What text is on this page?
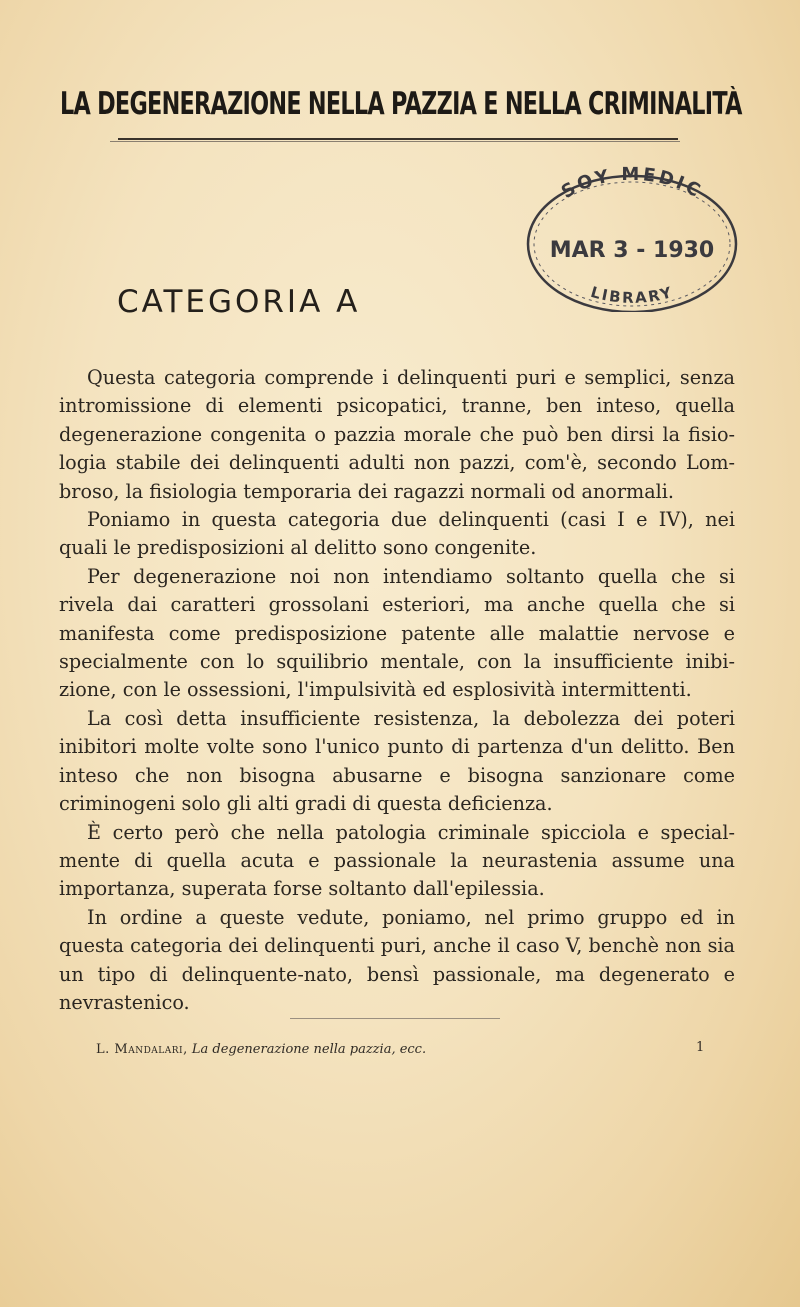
LA DEGENERAZIONE NELLA PAZZIA E NELLA CRIMINALITÀ
SOY MEDIC
MAR 3 - 1930
LIBRARY
CATEGORIA A

Questa categoria comprende i delinquenti puri e semplici, senza intromissione di elementi psicopatici, tranne, ben inteso, quella degenerazione congenita o pazzia morale che può ben dirsi la fisio-logia stabile dei delinquenti adulti non pazzi, com'è, secondo Lom-broso, la fisiologia temporaria dei ragazzi normali od anormali.

Poniamo in questa categoria due delinquenti (casi I e IV), nei quali le predisposizioni al delitto sono congenite.

Per degenerazione noi non intendiamo soltanto quella che si rivela dai caratteri grossolani esteriori, ma anche quella che si manifesta come predisposizione patente alle malattie nervose e specialmente con lo squilibrio mentale, con la insufficiente inibi-zione, con le ossessioni, l'impulsività ed esplosività intermittenti.

La così detta insufficiente resistenza, la debolezza dei poteri inibitori molte volte sono l'unico punto di partenza d'un delitto. Ben inteso che non bisogna abusarne e bisogna sanzionare come criminogeni solo gli alti gradi di questa deficienza.

È certo però che nella patologia criminale spicciola e special-mente di quella acuta e passionale la neurastenia assume una importanza, superata forse soltanto dall'epilessia.

In ordine a queste vedute, poniamo, nel primo gruppo ed in questa categoria dei delinquenti puri, anche il caso V, benchè non sia un tipo di delinquente-nato, bensì passionale, ma degenerato e nevrastenico.

L. Mandalari, La degenerazione nella pazzia, ecc.	1
